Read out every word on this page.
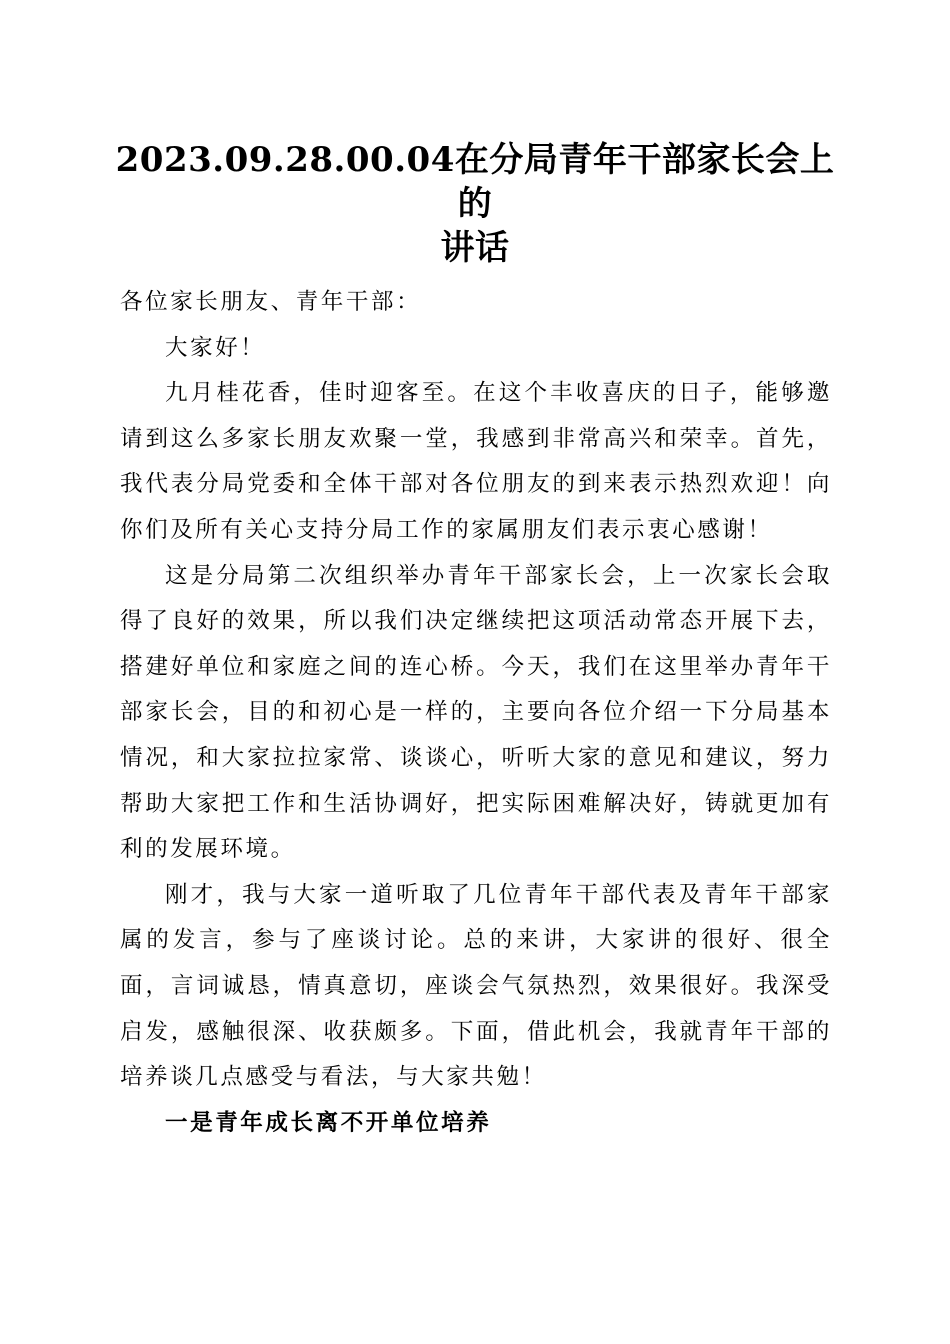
2023.09.28.00.04在分局青年干部家长会上的
讲话

各位家长朋友、青年干部：

大家好！

九月桂花香，佳时迎客至。在这个丰收喜庆的日子，能够邀请到这么多家长朋友欢聚一堂，我感到非常高兴和荣幸。首先，我代表分局党委和全体干部对各位朋友的到来表示热烈欢迎！向你们及所有关心支持分局工作的家属朋友们表示衷心感谢！

这是分局第二次组织举办青年干部家长会，上一次家长会取得了良好的效果，所以我们决定继续把这项活动常态开展下去，搭建好单位和家庭之间的连心桥。今天，我们在这里举办青年干部家长会，目的和初心是一样的，主要向各位介绍一下分局基本情况，和大家拉拉家常、谈谈心，听听大家的意见和建议，努力帮助大家把工作和生活协调好，把实际困难解决好，铸就更加有利的发展环境。

刚才，我与大家一道听取了几位青年干部代表及青年干部家属的发言，参与了座谈讨论。总的来讲，大家讲的很好、很全面，言词诚恳，情真意切，座谈会气氛热烈，效果很好。我深受启发，感触很深、收获颇多。下面，借此机会，我就青年干部的培养谈几点感受与看法，与大家共勉！

一是青年成长离不开单位培养
